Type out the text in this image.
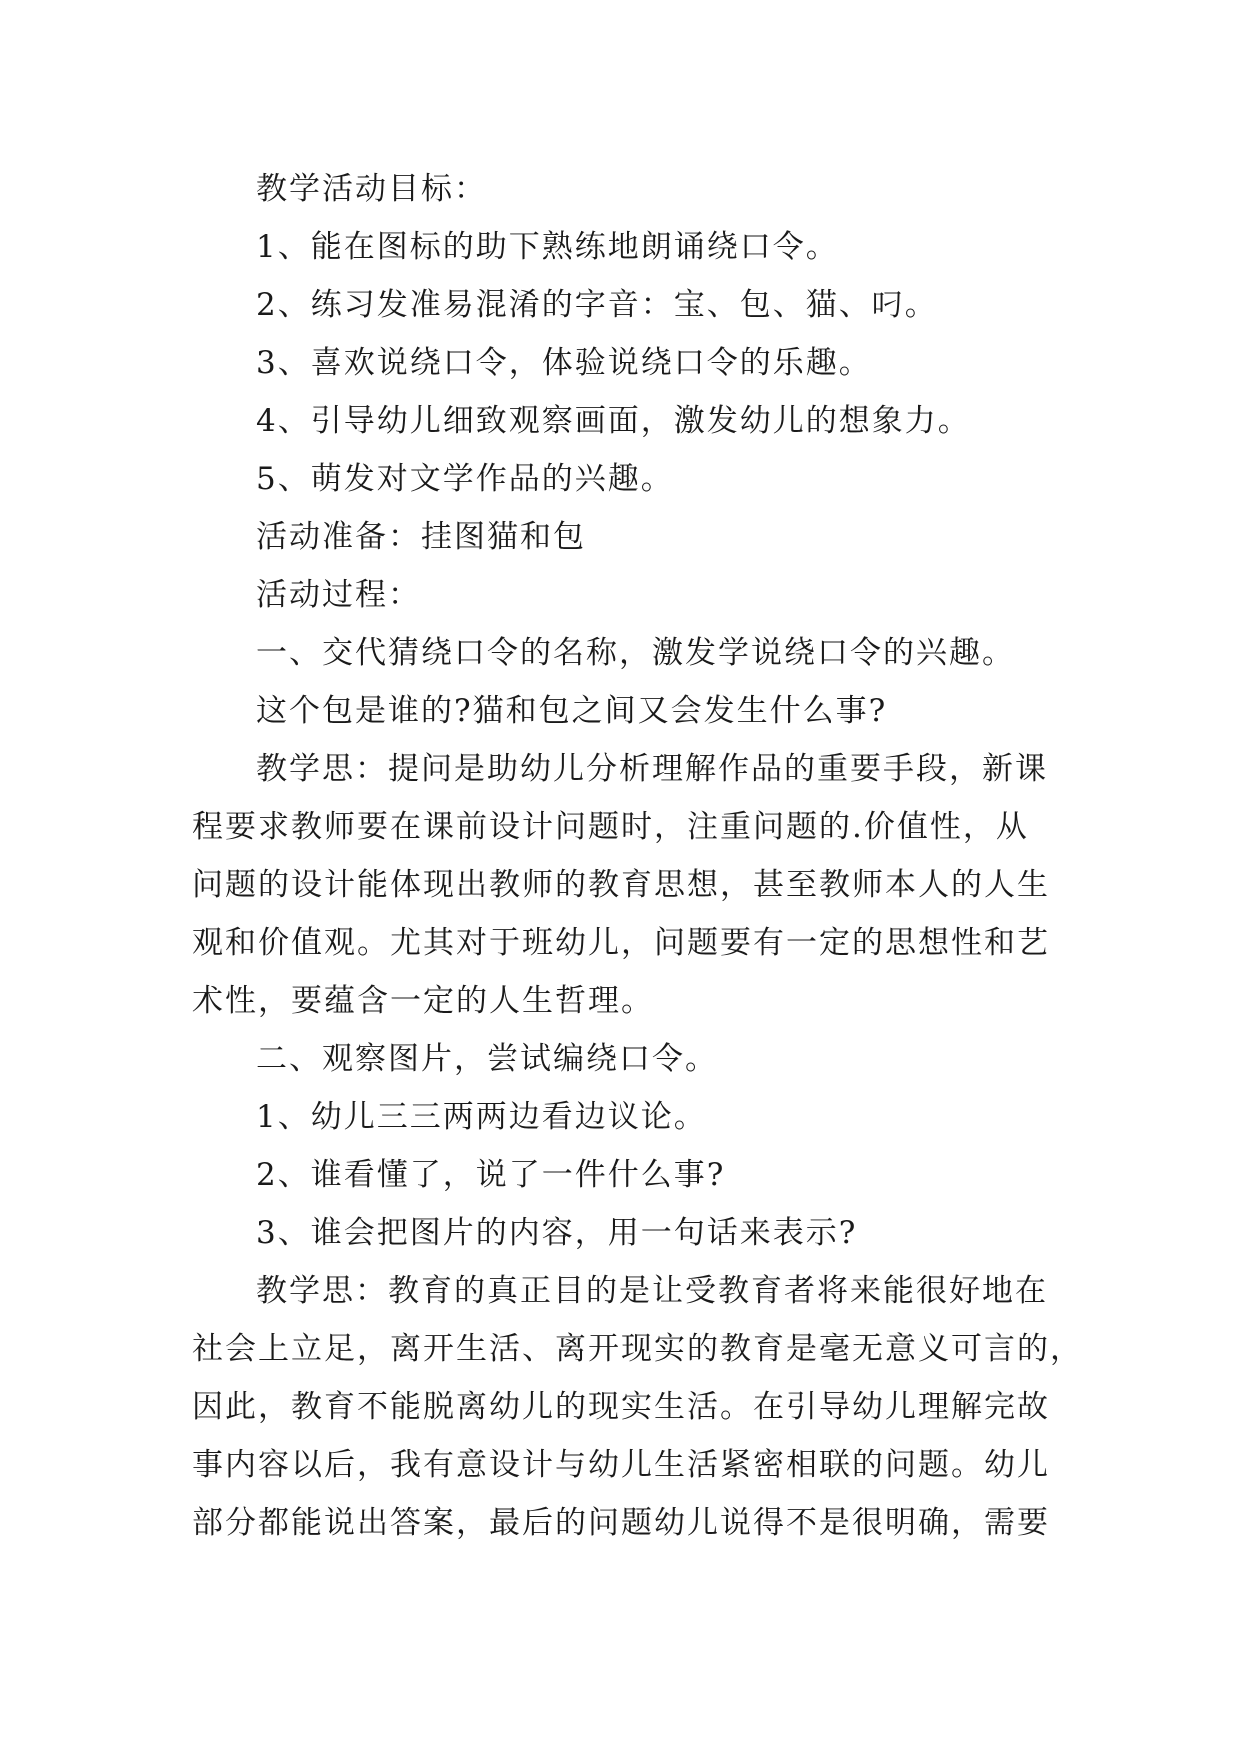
教学活动目标：
1、能在图标的助下熟练地朗诵绕口令。
2、练习发准易混淆的字音：宝、包、猫、叼。
3、喜欢说绕口令，体验说绕口令的乐趣。
4、引导幼儿细致观察画面，激发幼儿的想象力。
5、萌发对文学作品的兴趣。
活动准备：挂图猫和包
活动过程：
一、交代猜绕口令的名称，激发学说绕口令的兴趣。
这个包是谁的?猫和包之间又会发生什么事?
教学思：提问是助幼儿分析理解作品的重要手段，新课
程要求教师要在课前设计问题时，注重问题的.价值性，从
问题的设计能体现出教师的教育思想，甚至教师本人的人生
观和价值观。尤其对于班幼儿，问题要有一定的思想性和艺
术性，要蕴含一定的人生哲理。
二、观察图片，尝试编绕口令。
1、幼儿三三两两边看边议论。
2、谁看懂了，说了一件什么事?
3、谁会把图片的内容，用一句话来表示?
教学思：教育的真正目的是让受教育者将来能很好地在
社会上立足，离开生活、离开现实的教育是毫无意义可言的，
因此，教育不能脱离幼儿的现实生活。在引导幼儿理解完故
事内容以后，我有意设计与幼儿生活紧密相联的问题。幼儿
部分都能说出答案，最后的问题幼儿说得不是很明确，需要
